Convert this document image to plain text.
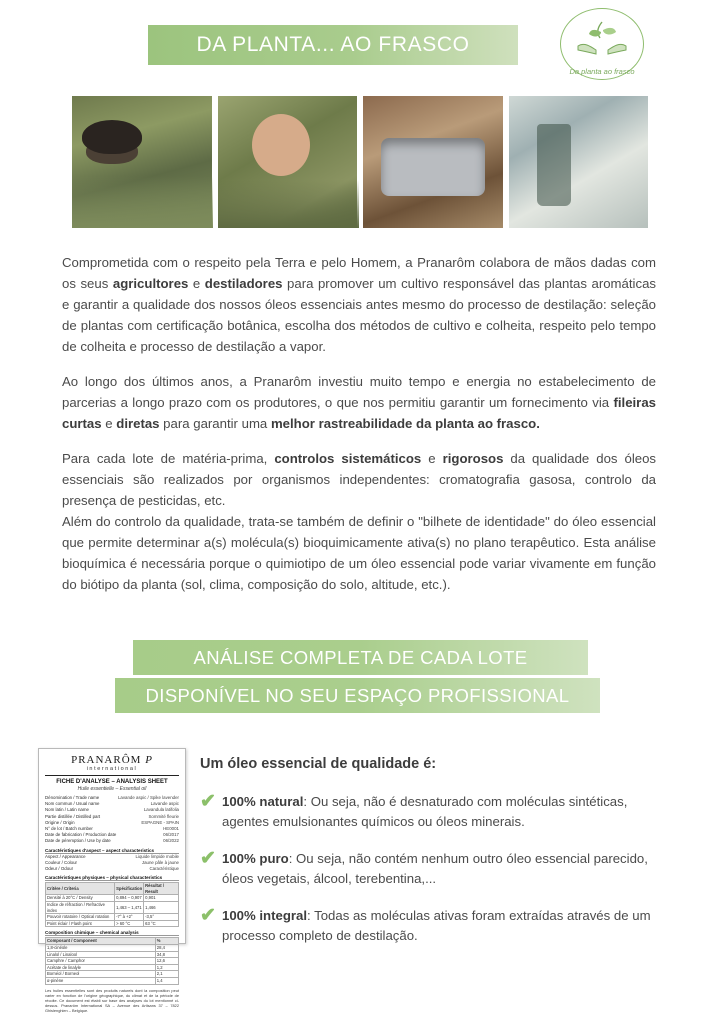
DA PLANTA... AO FRASCO
Da planta ao frasco

Comprometida com o respeito pela Terra e pelo Homem, a Pranarôm colabora de mãos dadas com os seus agricultores e destiladores para promover um cultivo responsável das plantas aromáticas e garantir a qualidade dos nossos óleos essenciais antes mesmo do processo de destilação: seleção de plantas com certificação botânica, escolha dos métodos de cultivo e colheita, respeito pelo tempo de colheita e processo de destilação a vapor.

Ao longo dos últimos anos, a Pranarôm investiu muito tempo e energia no estabelecimento de parcerias a longo prazo com os produtores, o que nos permitiu garantir um fornecimento via fileiras curtas e diretas para garantir uma melhor rastreabilidade da planta ao frasco.

Para cada lote de matéria-prima, controlos sistemáticos e rigorosos da qualidade dos óleos essenciais são realizados por organismos independentes: cromatografia gasosa, controlo da presença de pesticidas, etc.

Além do controlo da qualidade, trata-se também de definir o "bilhete de identidade" do óleo essencial que permite determinar a(s) molécula(s) bioquimicamente ativa(s) no plano terapêutico. Esta análise bioquímica é necessária porque o quimiotipo de um óleo essencial pode variar vivamente em função do biótipo da planta (sol, clima, composição do solo, altitude, etc.).

ANÁLISE COMPLETA DE CADA LOTE
DISPONÍVEL NO SEU ESPAÇO PROFISSIONAL
PRANARÔM P
international
FICHE D'ANALYSE – ANALYSIS SHEET
Huile essentielle – Essential oil
Dénomination / Trade name	Lavande aspic / Spike lavender
Nom commun / Usual name	Lavande aspic
Nom latin / Latin name	Lavandula latifolia
Partie distillée / Distilled part	Sommité fleurie
Origine / Origin	ESPAGNE - SPAIN
N° de lot / Batch number	HE0001
Date de fabrication / Production date	06/2017
Date de péremption / Use by date	06/2022
Caractéristiques d'aspect – aspect characteristics
Aspect / Appearance	Liquide limpide mobile
Couleur / Colour	Jaune pâle à jaune
Odeur / Odour	Caractéristique
Caractéristiques physiques – physical characteristics
Critère / Criteria	Spécification	Résultat / Result
Densité à 20°C / Density	0,894 – 0,907	0,901
Indice de réfraction / Refractive index	1,463 – 1,471	1,466
Pouvoir rotatoire / Optical rotation	-7° à +2°	-3,5°
Point éclair / Flash point	> 60 °C	63 °C
Composition chimique – chemical analysis
Composant / Component	%
1,8-cinéole	28,4
Linalol / Linalool	34,8
Camphre / Camphor	12,6
Acétate de linalyle	1,2
Bornéol / Borneol	2,1
α-pinène	1,4
Les huiles essentielles sont des produits naturels dont la composition peut varier en fonction de l'origine géographique, du climat et de la période de récolte. Ce document est établi sur base des analyses du lot mentionné ci-dessus. Pranarôm International SA – Avenue des Artisans 37 – 7822 Ghislenghien – Belgique.
Um óleo essencial de qualidade é:
✔ 100% natural: Ou seja, não é desnaturado com moléculas sintéticas, agentes emulsionantes químicos ou óleos minerais.
✔ 100% puro: Ou seja, não contém nenhum outro óleo essencial parecido, óleos vegetais, álcool, terebentina,...
✔ 100% integral: Todas as moléculas ativas foram extraídas através de um processo completo de destilação.
